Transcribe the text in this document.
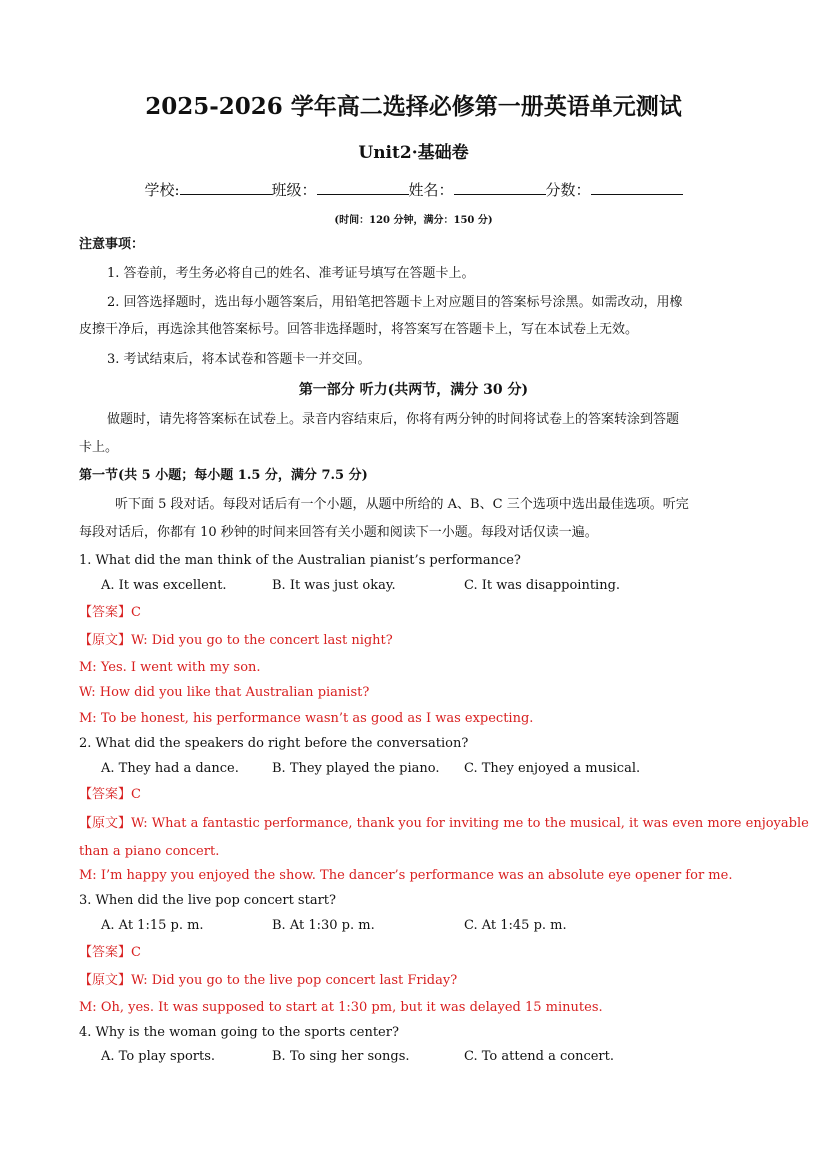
2025-2026 学年高二选择必修第一册英语单元测试
Unit2·基础卷
学校:	班级：	姓名：	分数：
(时间：120 分钟，满分：150 分)
注意事项：
1. 答卷前，考生务必将自己的姓名、准考证号填写在答题卡上。
2. 回答选择题时，选出每小题答案后，用铅笔把答题卡上对应题目的答案标号涂黑。如需改动，用橡
皮擦干净后，再选涂其他答案标号。回答非选择题时，将答案写在答题卡上，写在本试卷上无效。
3. 考试结束后，将本试卷和答题卡一并交回。
第一部分 听力(共两节，满分 30 分)
做题时，请先将答案标在试卷上。录音内容结束后，你将有两分钟的时间将试卷上的答案转涂到答题
卡上。
第一节(共 5 小题；每小题 1.5 分，满分 7.5 分)
听下面 5 段对话。每段对话后有一个小题，从题中所给的 A、B、C 三个选项中选出最佳选项。听完
每段对话后，你都有 10 秒钟的时间来回答有关小题和阅读下一小题。每段对话仅读一遍。
1. What did the man think of the Australian pianist’s performance?
A. It was excellent.	B. It was just okay.	C. It was disappointing.
【答案】C
【原文】W: Did you go to the concert last night?
M: Yes. I went with my son.
W: How did you like that Australian pianist?
M: To be honest, his performance wasn’t as good as I was expecting.
2. What did the speakers do right before the conversation?
A. They had a dance.	B. They played the piano. C. They enjoyed a musical.
【答案】C
【原文】W: What a fantastic performance, thank you for inviting me to the musical, it was even more enjoyable
than a piano concert.
M: I’m happy you enjoyed the show. The dancer’s performance was an absolute eye opener for me.
3. When did the live pop concert start?
A. At 1:15 p. m.	B. At 1:30 p. m.	C. At 1:45 p. m.
【答案】C
【原文】W: Did you go to the live pop concert last Friday?
M: Oh, yes. It was supposed to start at 1:30 pm, but it was delayed 15 minutes.
4. Why is the woman going to the sports center?
A. To play sports.	B. To sing her songs.	C. To attend a concert.
